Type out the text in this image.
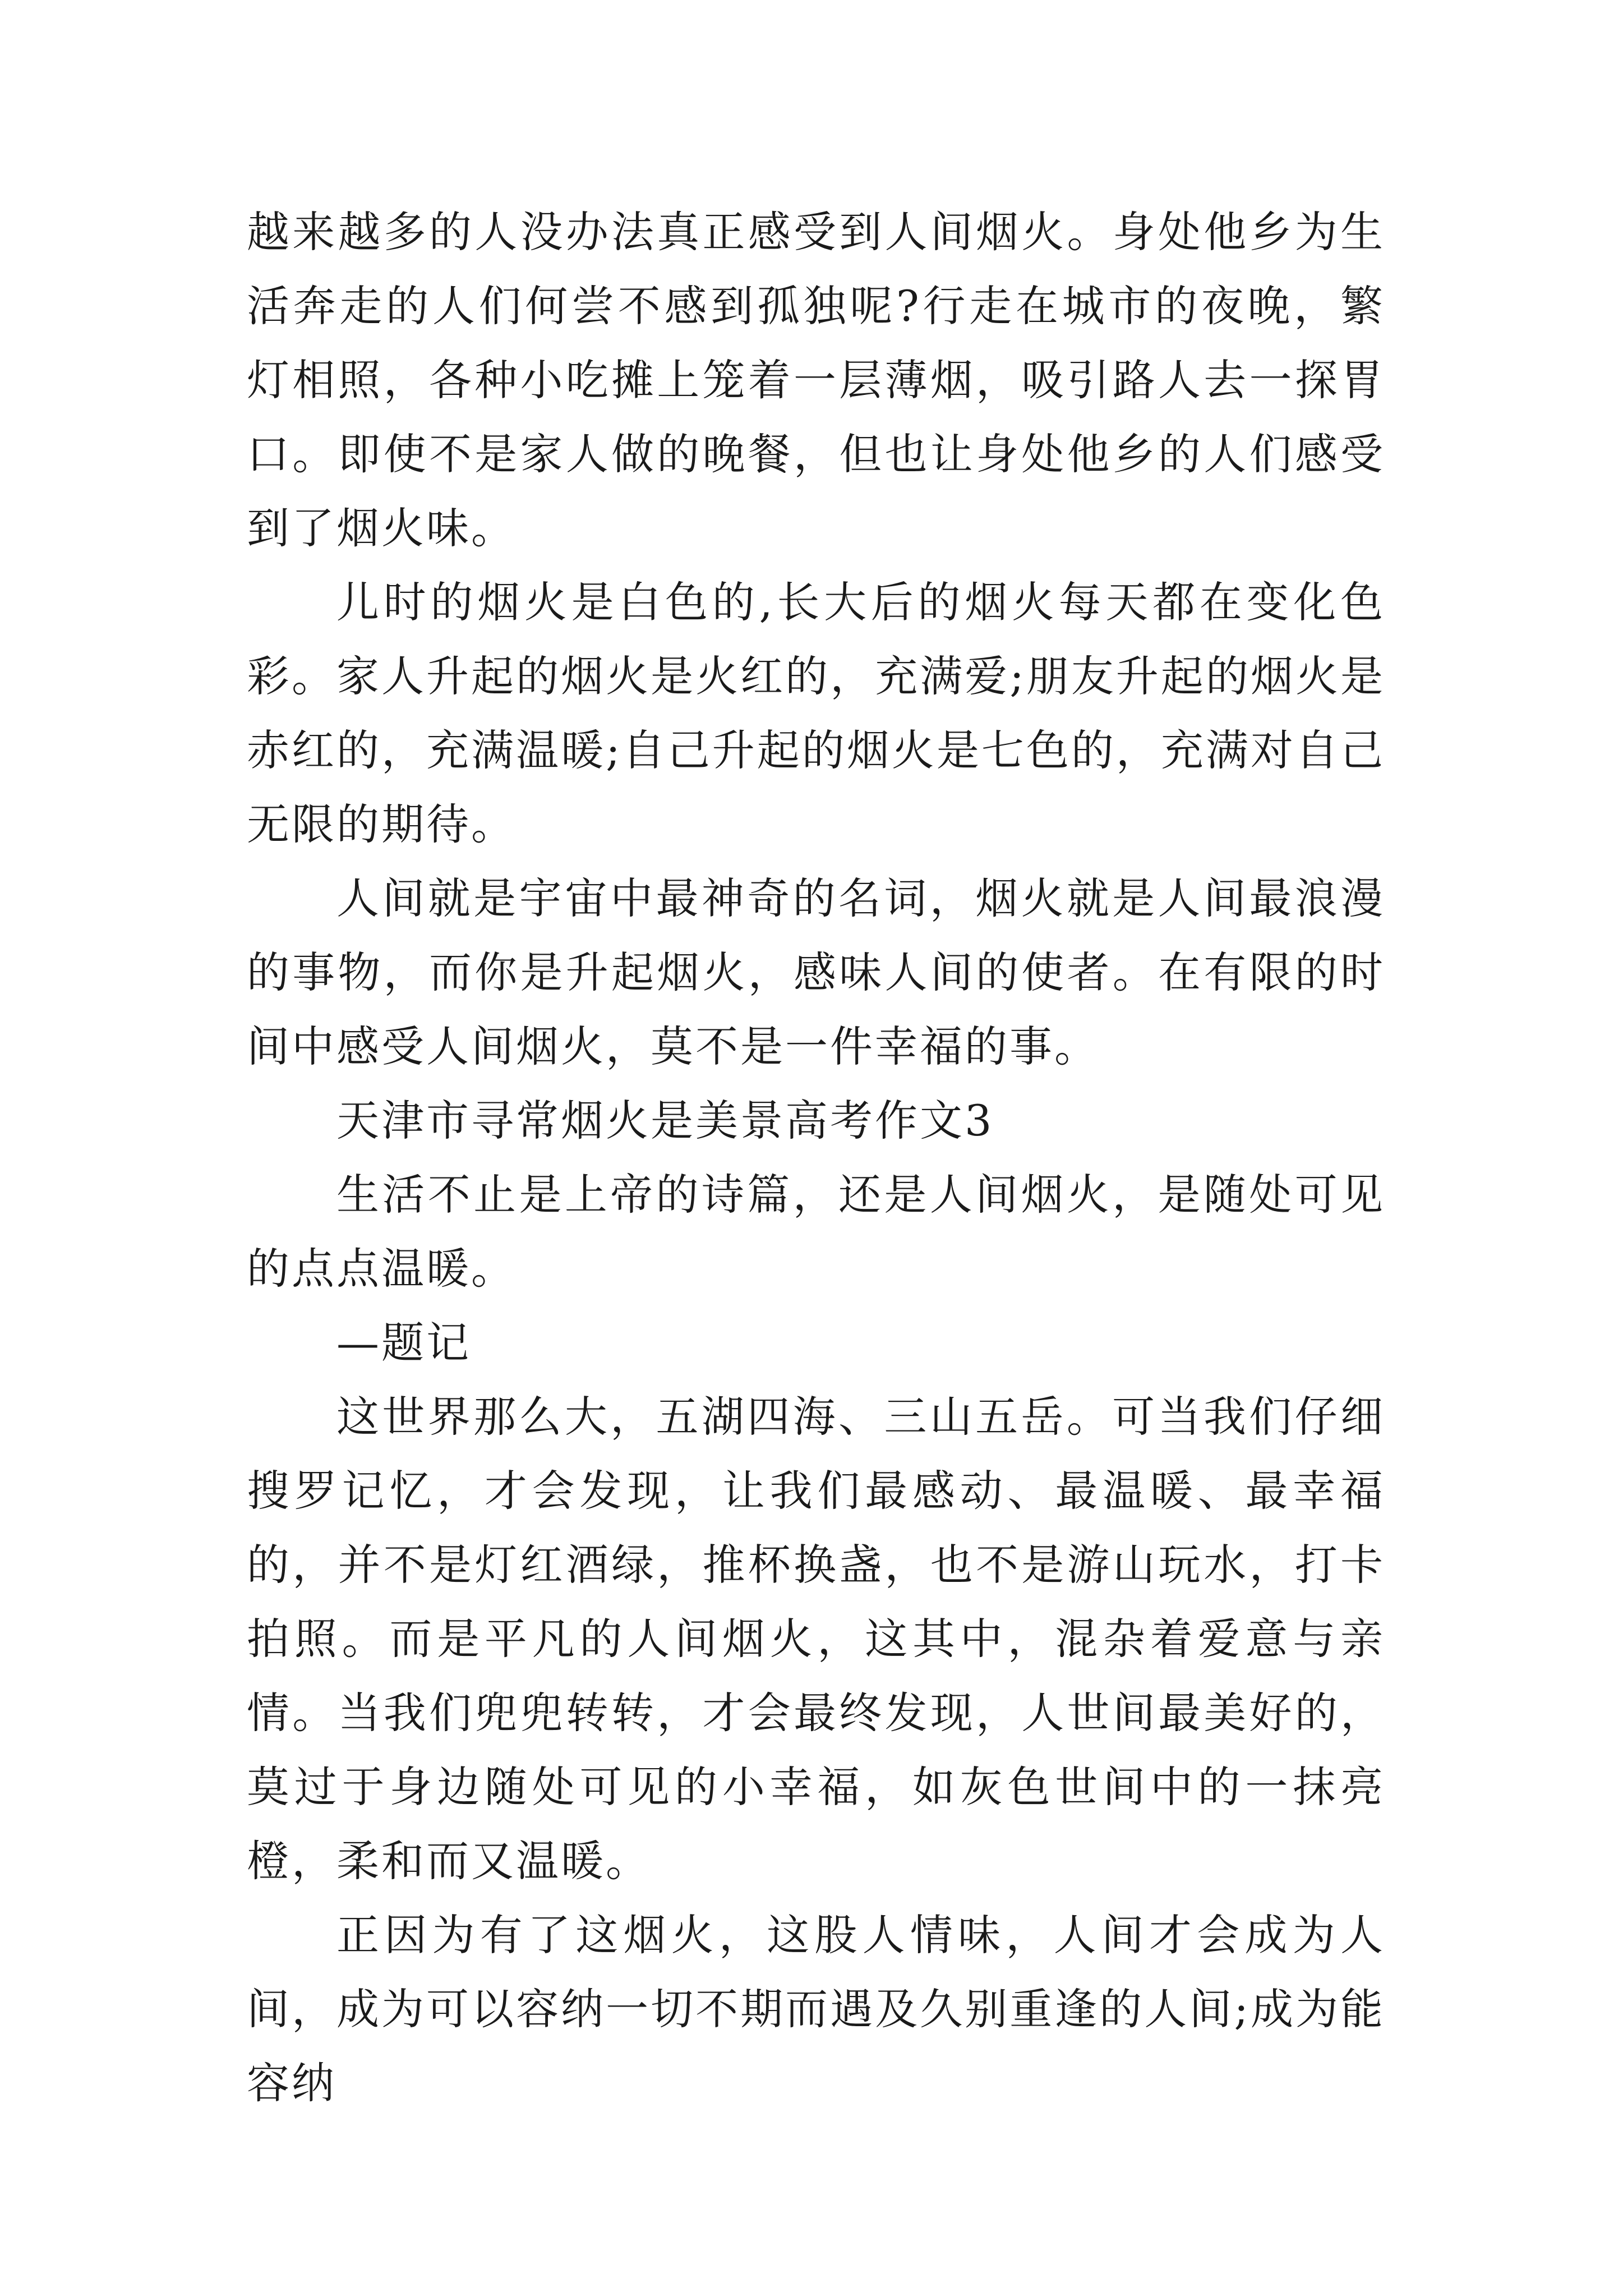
越来越多的人没办法真正感受到人间烟火。身处他乡为生活奔走的人们何尝不感到孤独呢?行走在城市的夜晚，繁灯相照，各种小吃摊上笼着一层薄烟，吸引路人去一探胃口。即使不是家人做的晚餐，但也让身处他乡的人们感受到了烟火味。

儿时的烟火是白色的,长大后的烟火每天都在变化色彩。家人升起的烟火是火红的，充满爱;朋友升起的烟火是赤红的，充满温暖;自己升起的烟火是七色的，充满对自己无限的期待。

人间就是宇宙中最神奇的名词，烟火就是人间最浪漫的事物，而你是升起烟火，感味人间的使者。在有限的时间中感受人间烟火，莫不是一件幸福的事。

天津市寻常烟火是美景高考作文3

生活不止是上帝的诗篇，还是人间烟火，是随处可见的点点温暖。

—题记

这世界那么大，五湖四海、三山五岳。可当我们仔细搜罗记忆，才会发现，让我们最感动、最温暖、最幸福的，并不是灯红酒绿，推杯换盏，也不是游山玩水，打卡拍照。而是平凡的人间烟火，这其中，混杂着爱意与亲情。当我们兜兜转转，才会最终发现，人世间最美好的，莫过于身边随处可见的小幸福，如灰色世间中的一抹亮橙，柔和而又温暖。

正因为有了这烟火，这股人情味，人间才会成为人间，成为可以容纳一切不期而遇及久别重逢的人间;成为能容纳
